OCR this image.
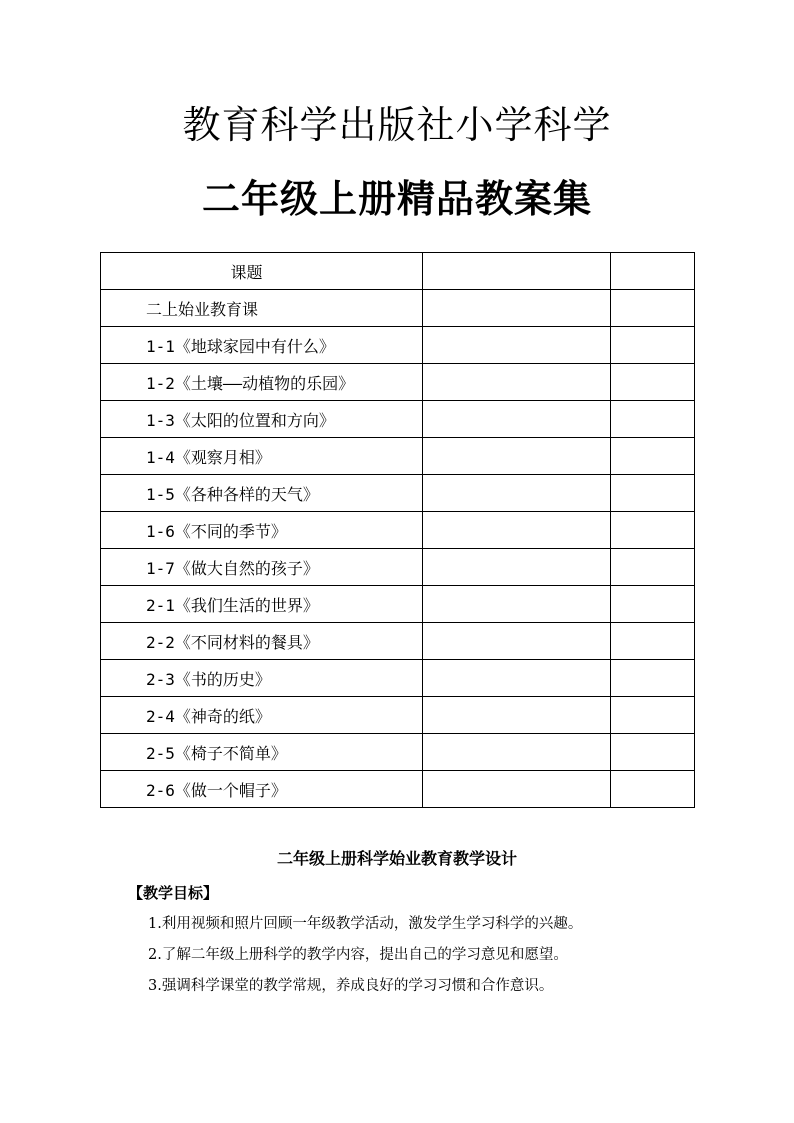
教育科学出版社小学科学
二年级上册精品教案集
课题		
二上始业教育课		
1-1《地球家园中有什么》		
1-2《土壤——动植物的乐园》		
1-3《太阳的位置和方向》		
1-4《观察月相》		
1-5《各种各样的天气》		
1-6《不同的季节》		
1-7《做大自然的孩子》		
2-1《我们生活的世界》		
2-2《不同材料的餐具》		
2-3《书的历史》		
2-4《神奇的纸》		
2-5《椅子不简单》		
2-6《做一个帽子》		
二年级上册科学始业教育教学设计

【教学目标】

1.利用视频和照片回顾一年级教学活动，激发学生学习科学的兴趣。
2.了解二年级上册科学的教学内容，提出自己的学习意见和愿望。
3.强调科学课堂的教学常规，养成良好的学习习惯和合作意识。
